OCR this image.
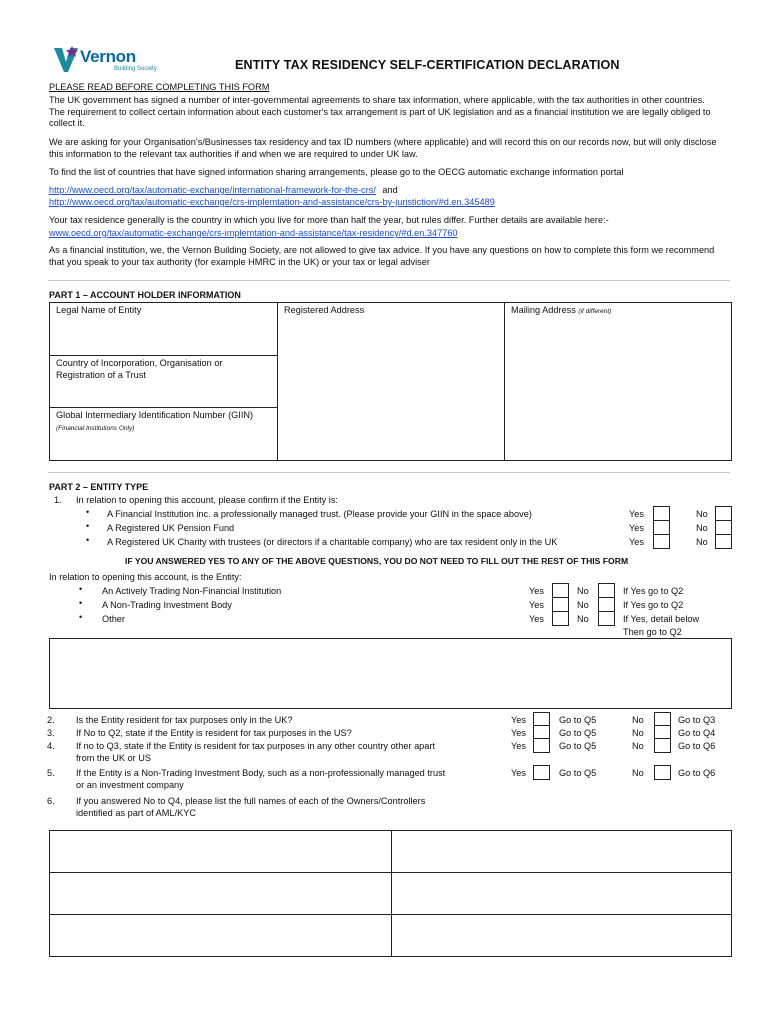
Vernon
Building Society	ENTITY TAX RESIDENCY SELF-CERTIFICATION DECLARATION
PLEASE READ BEFORE COMPLETING THIS FORM
The UK government has signed a number of inter-governmental agreements to share tax information, where applicable, with the tax authorities in other countries. The requirement to collect certain information about each customer's tax arrangement is part of UK legislation and as a financial institution we are legally obliged to collect it.
We are asking for your Organisation's/Businesses tax residency and tax ID numbers (where applicable) and will record this on our records now, but will only disclose this information to the relevant tax authorities if and when we are required to under UK law.
To find the list of countries that have signed information sharing arrangements, please go to the OECG automatic exchange information portal
http://www.oecd.org/tax/automatic-exchange/international-framework-for-the-crs/ and
http://www.oecd.org/tax/automatic-exchange/crs-implemtation-and-assistance/crs-by-juristiction/#d.en.345489
Your tax residence generally is the country in which you live for more than half the year, but rules differ. Further details are available here:-
www.oecd.org/tax/automatic-exchange/crs-implemtation-and-assistance/tax-residency/#d.en.347760
As a financial institution, we, the Vernon Building Society, are not allowed to give tax advice. If you have any questions on how to complete this form we recommend that you speak to your tax authority (for example HMRC in the UK) or your tax or legal adviser
PART 1 – ACCOUNT HOLDER INFORMATION
Legal Name of Entity
Country of Incorporation, Organisation or Registration of a Trust
Global Intermediary Identification Number (GIIN) (Financial Institutions Only)
Registered Address	Mailing Address (if different)
PART 2 – ENTITY TYPE
1. In relation to opening this account, please confirm if the Entity is:
• A Financial Institution inc. a professionally managed trust. (Please provide your GIIN in the space above)	Yes	No
• A Registered UK Pension Fund	Yes	No
• A Registered UK Charity with trustees (or directors if a charitable company) who are tax resident only in the UK	Yes	No
IF YOU ANSWERED YES TO ANY OF THE ABOVE QUESTIONS, YOU DO NOT NEED TO FILL OUT THE REST OF THIS FORM
In relation to opening this account, is the Entity:
• An Actively Trading Non-Financial Institution	Yes	No	If Yes go to Q2
• A Non-Trading Investment Body	Yes	No	If Yes go to Q2
• Other	Yes	No	If Yes, detail below
Then go to Q2
2. Is the Entity resident for tax purposes only in the UK?	Yes	Go to Q5	No	Go to Q3
3. If No to Q2, state if the Entity is resident for tax purposes in the US?	Yes	Go to Q5	No	Go to Q4
4. If no to Q3, state if the Entity is resident for tax purposes in any other country other apart
from the UK or US
Yes	Go to Q5	No	Go to Q6
5. If the Entity is a Non-Trading Investment Body, such as a non-professionally managed trust
or an investment company
Yes	Go to Q5	No	Go to Q6
6. If you answered No to Q4, please list the full names of each of the Owners/Controllers
identified as part of AML/KYC
